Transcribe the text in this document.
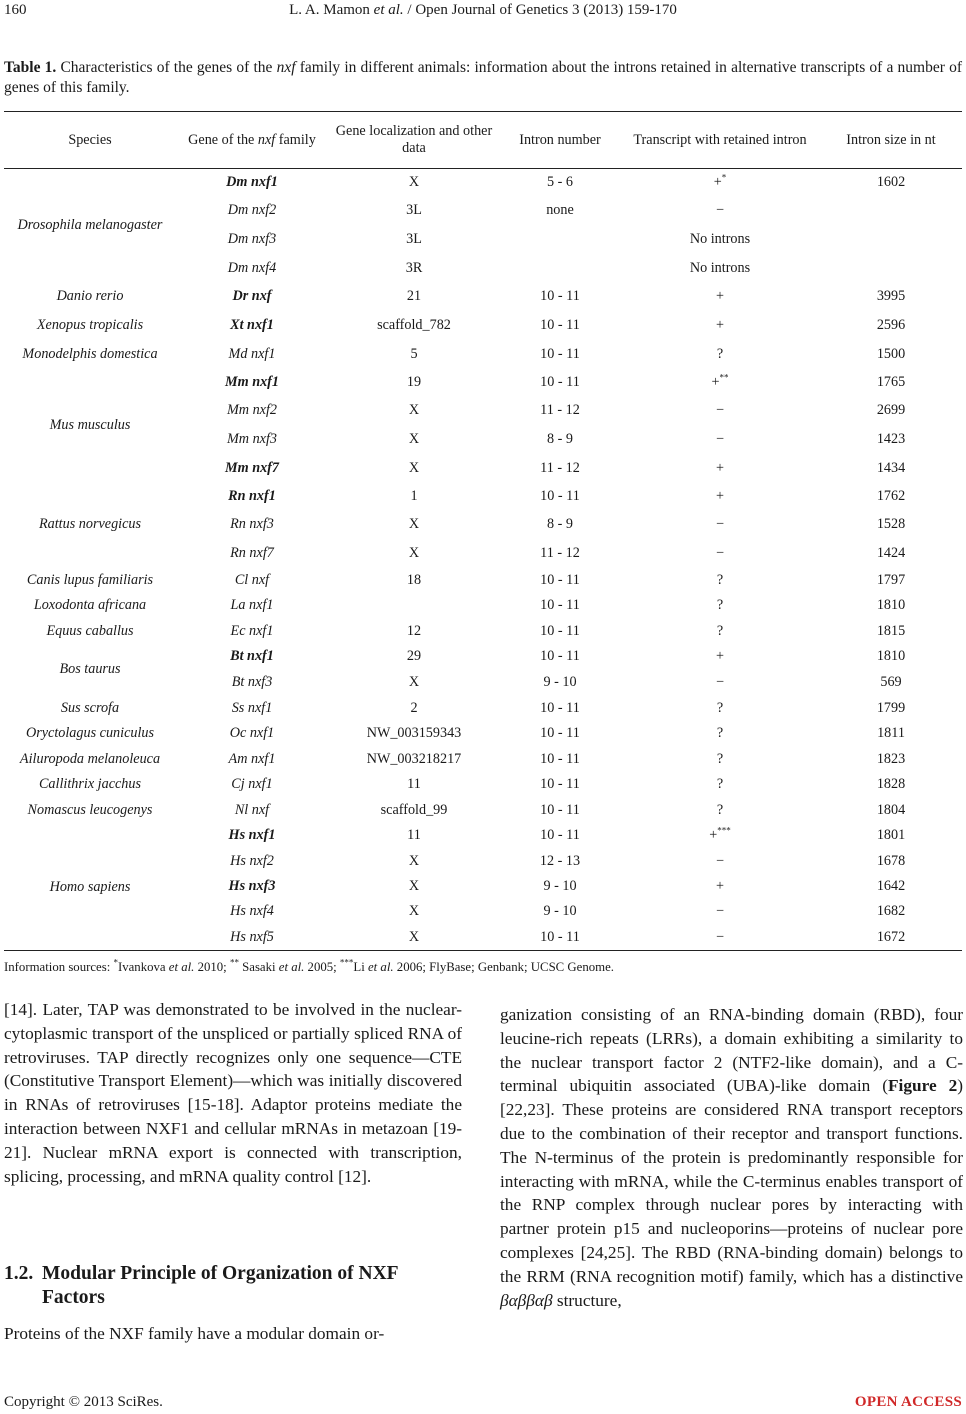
160	L. A. Mamon et al. / Open Journal of Genetics 3 (2013) 159-170
Table 1. Characteristics of the genes of the nxf family in different animals: information about the introns retained in alternative transcripts of a number of genes of this family.
Species	Gene of the nxf family	Gene localization and other data	Intron number	Transcript with retained intron	Intron size in nt
Drosophila melanogaster	Dm nxf1	X	5 - 6	+*	1602
	Dm nxf2	3L	none	−	
	Dm nxf3	3L		No introns	
	Dm nxf4	3R		No introns	
Danio rerio	Dr nxf	21	10 - 11	+	3995
Xenopus tropicalis	Xt nxf1	scaffold_782	10 - 11	+	2596
Monodelphis domestica	Md nxf1	5	10 - 11	?	1500
Mus musculus	Mm nxf1	19	10 - 11	+**	1765
	Mm nxf2	X	11 - 12	−	2699
	Mm nxf3	X	8 - 9	−	1423
	Mm nxf7	X	11 - 12	+	1434
Rattus norvegicus	Rn nxf1	1	10 - 11	+	1762
	Rn nxf3	X	8 - 9	−	1528
	Rn nxf7	X	11 - 12	−	1424
Canis lupus familiaris	Cl nxf	18	10 - 11	?	1797
Loxodonta africana	La nxf1		10 - 11	?	1810
Equus caballus	Ec nxf1	12	10 - 11	?	1815
Bos taurus	Bt nxf1	29	10 - 11	+	1810
	Bt nxf3	X	9 - 10	−	569
Sus scrofa	Ss nxf1	2	10 - 11	?	1799
Oryctolagus cuniculus	Oc nxf1	NW_003159343	10 - 11	?	1811
Ailuropoda melanoleuca	Am nxf1	NW_003218217	10 - 11	?	1823
Callithrix jacchus	Cj nxf1	11	10 - 11	?	1828
Nomascus leucogenys	Nl nxf	scaffold_99	10 - 11	?	1804
Homo sapiens	Hs nxf1	11	10 - 11	+***	1801
	Hs nxf2	X	12 - 13	−	1678
	Hs nxf3	X	9 - 10	+	1642
	Hs nxf4	X	9 - 10	−	1682
	Hs nxf5	X	10 - 11	−	1672
Information sources: *Ivankova et al. 2010; ** Sasaki et al. 2005; ***Li et al. 2006; FlyBase; Genbank; UCSC Genome.

[14]. Later, TAP was demonstrated to be involved in the nuclear-cytoplasmic transport of the unspliced or partially spliced RNA of retroviruses. TAP directly recognizes only one sequence—CTE (Constitutive Transport Element)—which was initially discovered in RNAs of retroviruses [15-18]. Adaptor proteins mediate the interaction between NXF1 and cellular mRNAs in metazoan [19-21]. Nuclear mRNA export is connected with transcription, splicing, processing, and mRNA quality control [12].

1.2. Modular Principle of Organization of NXF
Factors
Proteins of the NXF family have a modular domain or-
ganization consisting of an RNA-binding domain (RBD), four leucine-rich repeats (LRRs), a domain exhibiting a similarity to the nuclear transport factor 2 (NTF2-like domain), and a C-terminal ubiquitin associated (UBA)-like domain (Figure 2) [22,23]. These proteins are considered RNA transport receptors due to the combination of their receptor and transport functions. The N-terminus of the protein is predominantly responsible for interacting with mRNA, while the C-terminus enables transport of the RNP complex through nuclear pores by interacting with partner protein p15 and nucleoporins—proteins of nuclear pore complexes [24,25]. The RBD (RNA-binding domain) belongs to the RRM (RNA recognition motif) family, which has a distinctive βαββαβ structure,
Copyright © 2013 SciRes.	OPEN ACCESS
